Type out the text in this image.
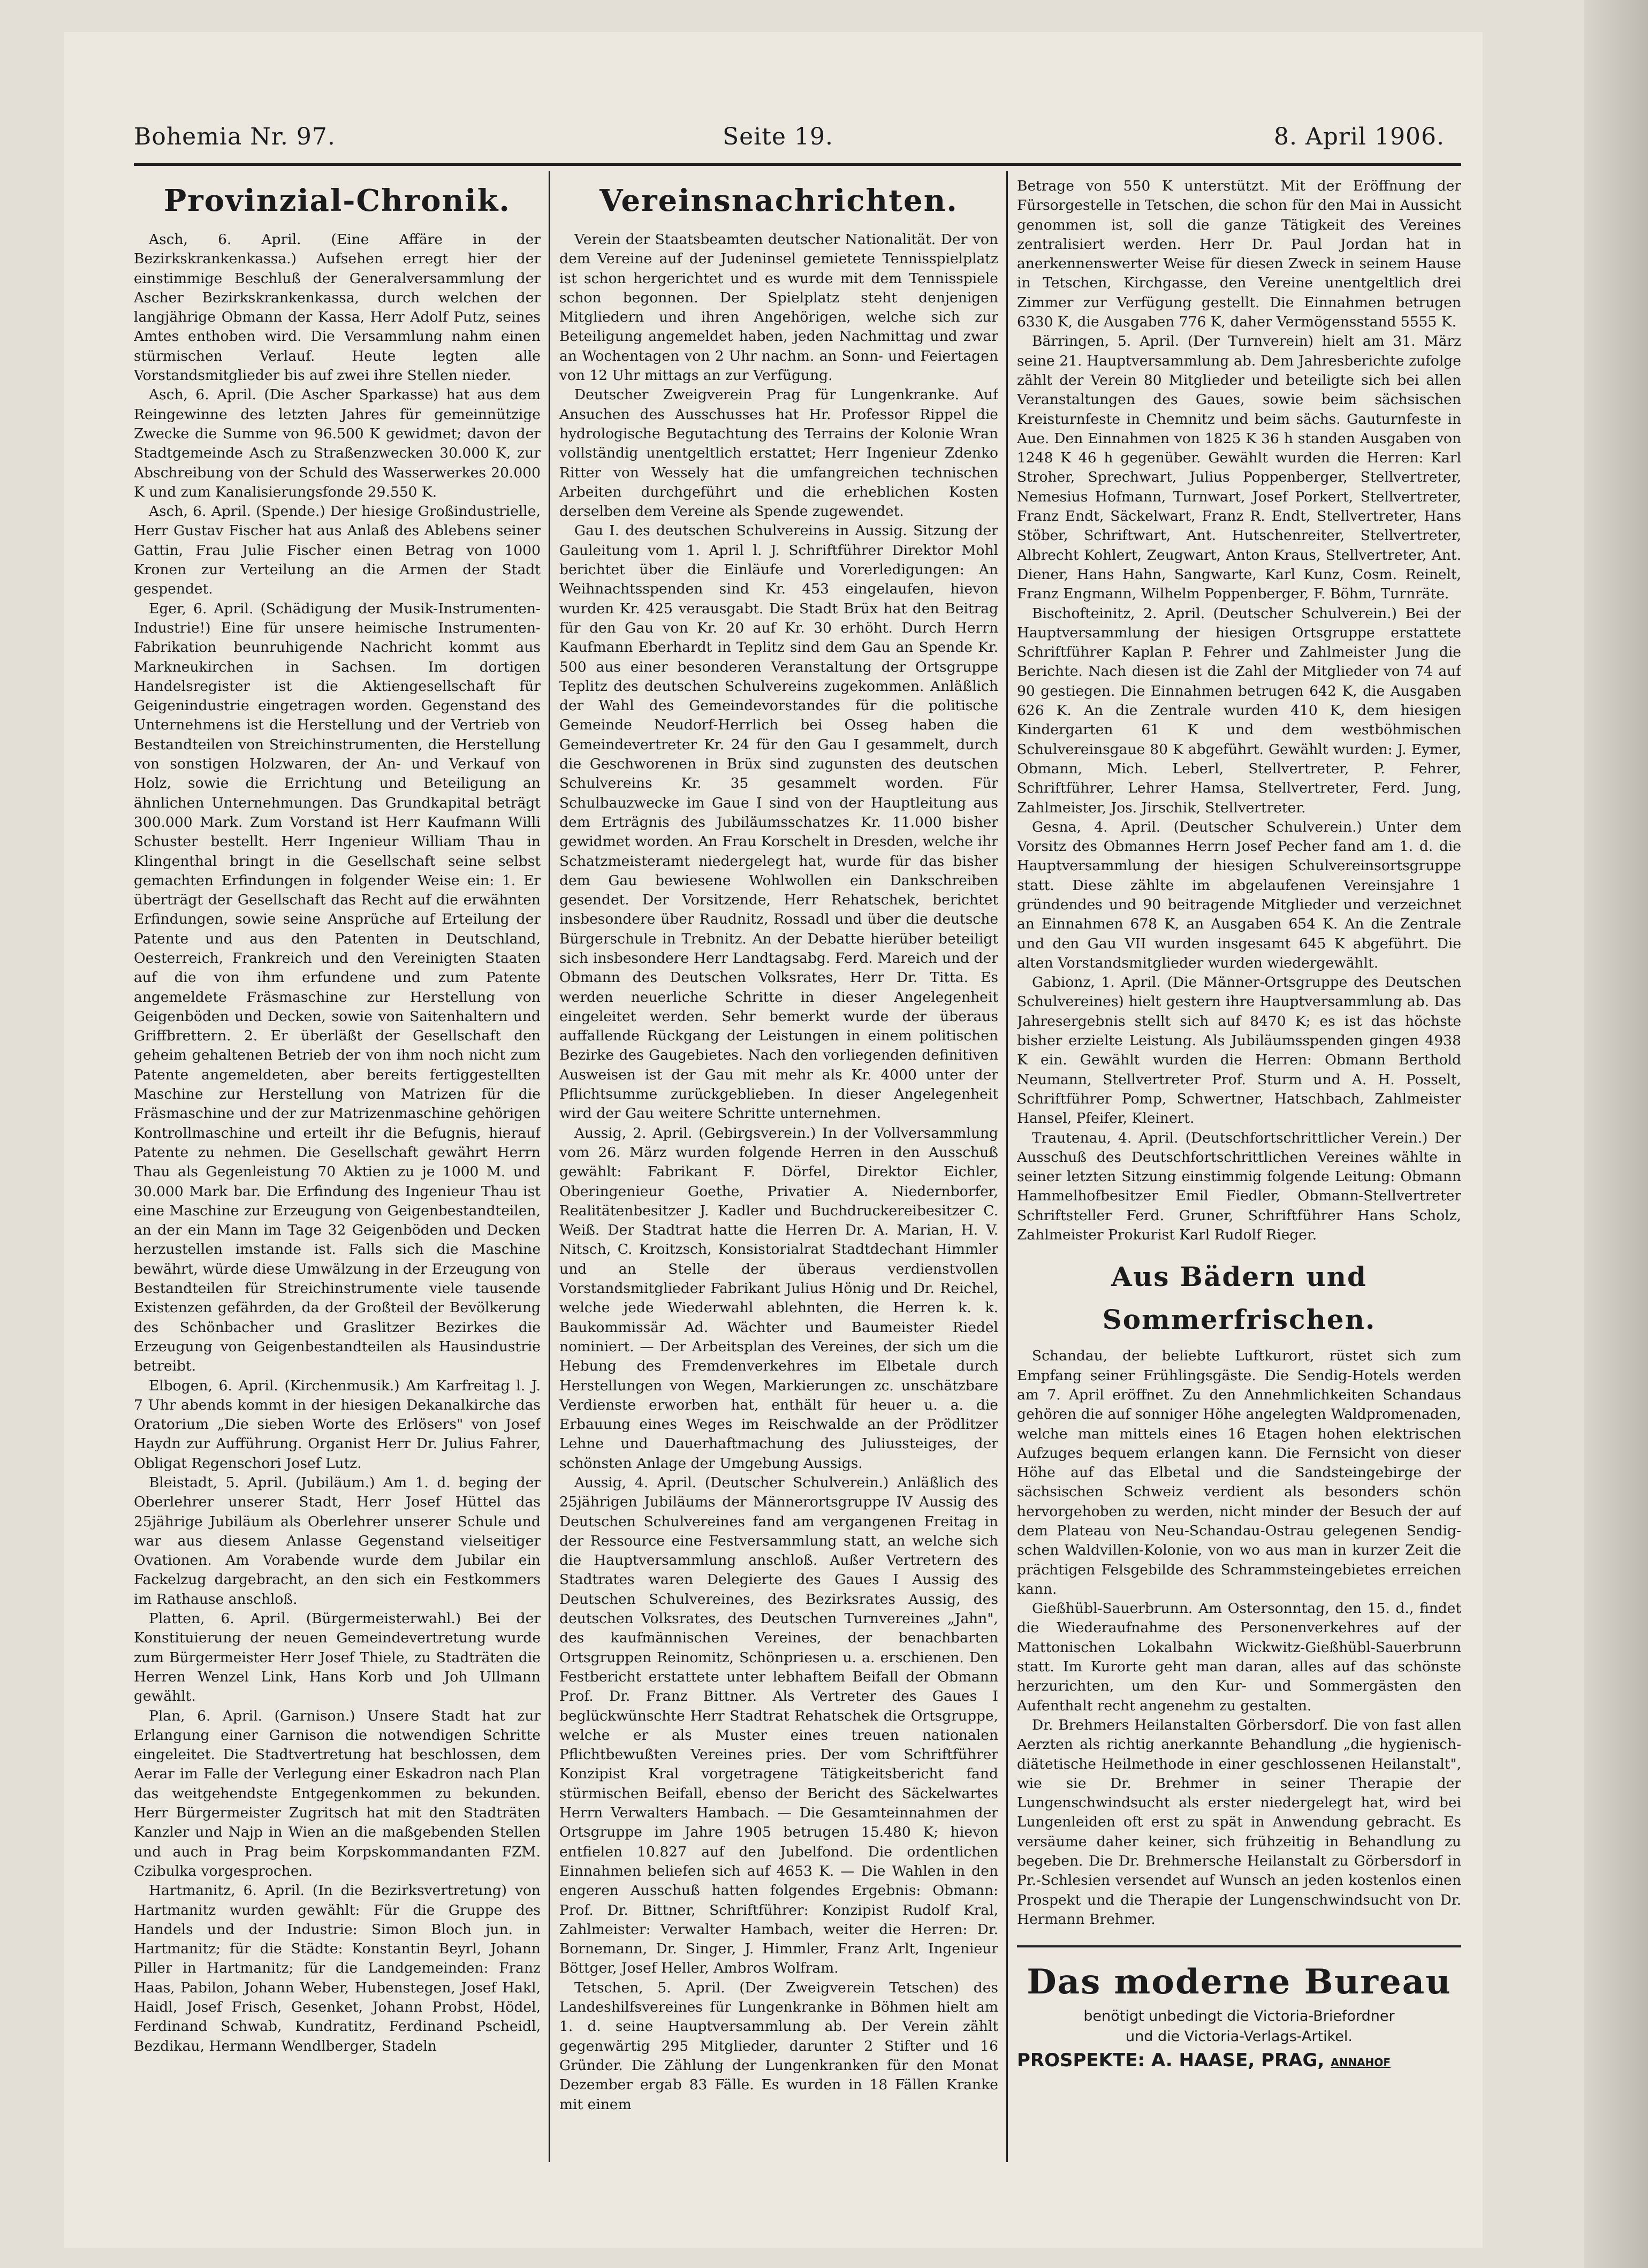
Bohemia Nr. 97.	Seite 19.	8. April 1906.
Provinzial-Chronik.

Asch, 6. April. (Eine Affäre in der Bezirkskrankenkassa.) Aufsehen erregt hier der einstimmige Beschluß der Generalversammlung der Ascher Bezirkskrankenkassa, durch welchen der langjährige Obmann der Kassa, Herr Adolf Putz, seines Amtes enthoben wird. Die Versammlung nahm einen stürmischen Verlauf. Heute legten alle Vorstandsmitglieder bis auf zwei ihre Stellen nieder.

Asch, 6. April. (Die Ascher Sparkasse) hat aus dem Reingewinne des letzten Jahres für gemeinnützige Zwecke die Summe von 96.500 K gewidmet; davon der Stadtgemeinde Asch zu Straßenzwecken 30.000 K, zur Abschreibung von der Schuld des Wasserwerkes 20.000 K und zum Kanalisierungsfonde 29.550 K.

Asch, 6. April. (Spende.) Der hiesige Großindustrielle, Herr Gustav Fischer hat aus Anlaß des Ablebens seiner Gattin, Frau Julie Fischer einen Betrag von 1000 Kronen zur Verteilung an die Armen der Stadt gespendet.

Eger, 6. April. (Schädigung der Musik-Instrumenten-Industrie!) Eine für unsere heimische Instrumenten-Fabrikation beunruhigende Nachricht kommt aus Markneukirchen in Sachsen. Im dortigen Handelsregister ist die Aktiengesellschaft für Geigenindustrie eingetragen worden. Gegenstand des Unternehmens ist die Herstellung und der Vertrieb von Bestandteilen von Streichinstrumenten, die Herstellung von sonstigen Holzwaren, der An- und Verkauf von Holz, sowie die Errichtung und Beteiligung an ähnlichen Unternehmungen. Das Grundkapital beträgt 300.000 Mark. Zum Vorstand ist Herr Kaufmann Willi Schuster bestellt. Herr Ingenieur William Thau in Klingenthal bringt in die Gesellschaft seine selbst gemachten Erfindungen in folgender Weise ein: 1. Er überträgt der Gesellschaft das Recht auf die erwähnten Erfindungen, sowie seine Ansprüche auf Erteilung der Patente und aus den Patenten in Deutschland, Oesterreich, Frankreich und den Vereinigten Staaten auf die von ihm erfundene und zum Patente angemeldete Fräsmaschine zur Herstellung von Geigenböden und Decken, sowie von Saitenhaltern und Griffbrettern. 2. Er überläßt der Gesellschaft den geheim gehaltenen Betrieb der von ihm noch nicht zum Patente angemeldeten, aber bereits fertiggestellten Maschine zur Herstellung von Matrizen für die Fräsmaschine und der zur Matrizenmaschine gehörigen Kontrollmaschine und erteilt ihr die Befugnis, hierauf Patente zu nehmen. Die Gesellschaft gewährt Herrn Thau als Gegenleistung 70 Aktien zu je 1000 M. und 30.000 Mark bar. Die Erfindung des Ingenieur Thau ist eine Maschine zur Erzeugung von Geigenbestandteilen, an der ein Mann im Tage 32 Geigenböden und Decken herzustellen imstande ist. Falls sich die Maschine bewährt, würde diese Umwälzung in der Erzeugung von Bestandteilen für Streichinstrumente viele tausende Existenzen gefährden, da der Großteil der Bevölkerung des Schönbacher und Graslitzer Bezirkes die Erzeugung von Geigenbestandteilen als Hausindustrie betreibt.

Elbogen, 6. April. (Kirchenmusik.) Am Karfreitag l. J. 7 Uhr abends kommt in der hiesigen Dekanalkirche das Oratorium „Die sieben Worte des Erlösers" von Josef Haydn zur Aufführung. Organist Herr Dr. Julius Fahrer, Obligat Regenschori Josef Lutz.

Bleistadt, 5. April. (Jubiläum.) Am 1. d. beging der Oberlehrer unserer Stadt, Herr Josef Hüttel das 25jährige Jubiläum als Oberlehrer unserer Schule und war aus diesem Anlasse Gegenstand vielseitiger Ovationen. Am Vorabende wurde dem Jubilar ein Fackelzug dargebracht, an den sich ein Festkommers im Rathause anschloß.

Platten, 6. April. (Bürgermeisterwahl.) Bei der Konstituierung der neuen Gemeindevertretung wurde zum Bürgermeister Herr Josef Thiele, zu Stadträten die Herren Wenzel Link, Hans Korb und Joh Ullmann gewählt.

Plan, 6. April. (Garnison.) Unsere Stadt hat zur Erlangung einer Garnison die notwendigen Schritte eingeleitet. Die Stadtvertretung hat beschlossen, dem Aerar im Falle der Verlegung einer Eskadron nach Plan das weitgehendste Entgegenkommen zu bekunden. Herr Bürgermeister Zugritsch hat mit den Stadträten Kanzler und Najp in Wien an die maßgebenden Stellen und auch in Prag beim Korpskommandanten FZM. Czibulka vorgesprochen.

Hartmanitz, 6. April. (In die Bezirksvertretung) von Hartmanitz wurden gewählt: Für die Gruppe des Handels und der Industrie: Simon Bloch jun. in Hartmanitz; für die Städte: Konstantin Beyrl, Johann Piller in Hartmanitz; für die Landgemeinden: Franz Haas, Pabilon, Johann Weber, Hubenstegen, Josef Hakl, Haidl, Josef Frisch, Gesenket, Johann Probst, Hödel, Ferdinand Schwab, Kundratitz, Ferdinand Pscheidl, Bezdikau, Hermann Wendlberger, Stadeln

Vereinsnachrichten.

Verein der Staatsbeamten deutscher Nationalität. Der von dem Vereine auf der Judeninsel gemietete Tennisspielplatz ist schon hergerichtet und es wurde mit dem Tennisspiele schon begonnen. Der Spielplatz steht denjenigen Mitgliedern und ihren Angehörigen, welche sich zur Beteiligung angemeldet haben, jeden Nachmittag und zwar an Wochentagen von 2 Uhr nachm. an Sonn- und Feiertagen von 12 Uhr mittags an zur Verfügung.

Deutscher Zweigverein Prag für Lungenkranke. Auf Ansuchen des Ausschusses hat Hr. Professor Rippel die hydrologische Begutachtung des Terrains der Kolonie Wran vollständig unentgeltlich erstattet; Herr Ingenieur Zdenko Ritter von Wessely hat die umfangreichen technischen Arbeiten durchgeführt und die erheblichen Kosten derselben dem Vereine als Spende zugewendet.

Gau I. des deutschen Schulvereins in Aussig. Sitzung der Gauleitung vom 1. April l. J. Schriftführer Direktor Mohl berichtet über die Einläufe und Vorerledigungen: An Weihnachtsspenden sind Kr. 453 eingelaufen, hievon wurden Kr. 425 verausgabt. Die Stadt Brüx hat den Beitrag für den Gau von Kr. 20 auf Kr. 30 erhöht. Durch Herrn Kaufmann Eberhardt in Teplitz sind dem Gau an Spende Kr. 500 aus einer besonderen Veranstaltung der Ortsgruppe Teplitz des deutschen Schulvereins zugekommen. Anläßlich der Wahl des Gemeindevorstandes für die politische Gemeinde Neudorf-Herrlich bei Osseg haben die Gemeindevertreter Kr. 24 für den Gau I gesammelt, durch die Geschworenen in Brüx sind zugunsten des deutschen Schulvereins Kr. 35 gesammelt worden. Für Schulbauzwecke im Gaue I sind von der Hauptleitung aus dem Erträgnis des Jubiläumsschatzes Kr. 11.000 bisher gewidmet worden. An Frau Korschelt in Dresden, welche ihr Schatzmeisteramt niedergelegt hat, wurde für das bisher dem Gau bewiesene Wohlwollen ein Dankschreiben gesendet. Der Vorsitzende, Herr Rehatschek, berichtet insbesondere über Raudnitz, Rossadl und über die deutsche Bürgerschule in Trebnitz. An der Debatte hierüber beteiligt sich insbesondere Herr Landtagsabg. Ferd. Mareich und der Obmann des Deutschen Volksrates, Herr Dr. Titta. Es werden neuerliche Schritte in dieser Angelegenheit eingeleitet werden. Sehr bemerkt wurde der überaus auffallende Rückgang der Leistungen in einem politischen Bezirke des Gaugebietes. Nach den vorliegenden definitiven Ausweisen ist der Gau mit mehr als Kr. 4000 unter der Pflichtsumme zurückgeblieben. In dieser Angelegenheit wird der Gau weitere Schritte unternehmen.

Aussig, 2. April. (Gebirgsverein.) In der Vollversammlung vom 26. März wurden folgende Herren in den Ausschuß gewählt: Fabrikant F. Dörfel, Direktor Eichler, Oberingenieur Goethe, Privatier A. Niedernborfer, Realitätenbesitzer J. Kadler und Buchdruckereibesitzer C. Weiß. Der Stadtrat hatte die Herren Dr. A. Marian, H. V. Nitsch, C. Kroitzsch, Konsistorialrat Stadtdechant Himmler und an Stelle der überaus verdienstvollen Vorstandsmitglieder Fabrikant Julius Hönig und Dr. Reichel, welche jede Wiederwahl ablehnten, die Herren k. k. Baukommissär Ad. Wächter und Baumeister Riedel nominiert. — Der Arbeitsplan des Vereines, der sich um die Hebung des Fremdenverkehres im Elbetale durch Herstellungen von Wegen, Markierungen zc. unschätzbare Verdienste erworben hat, enthält für heuer u. a. die Erbauung eines Weges im Reischwalde an der Prödlitzer Lehne und Dauerhaftmachung des Juliussteiges, der schönsten Anlage der Umgebung Aussigs.

Aussig, 4. April. (Deutscher Schulverein.) Anläßlich des 25jährigen Jubiläums der Männerortsgruppe IV Aussig des Deutschen Schulvereines fand am vergangenen Freitag in der Ressource eine Festversammlung statt, an welche sich die Hauptversammlung anschloß. Außer Vertretern des Stadtrates waren Delegierte des Gaues I Aussig des Deutschen Schulvereines, des Bezirksrates Aussig, des deutschen Volksrates, des Deutschen Turnvereines „Jahn", des kaufmännischen Vereines, der benachbarten Ortsgruppen Reinomitz, Schönpriesen u. a. erschienen. Den Festbericht erstattete unter lebhaftem Beifall der Obmann Prof. Dr. Franz Bittner. Als Vertreter des Gaues I beglückwünschte Herr Stadtrat Rehatschek die Ortsgruppe, welche er als Muster eines treuen nationalen Pflichtbewußten Vereines pries. Der vom Schriftführer Konzipist Kral vorgetragene Tätigkeitsbericht fand stürmischen Beifall, ebenso der Bericht des Säckelwartes Herrn Verwalters Hambach. — Die Gesamteinnahmen der Ortsgruppe im Jahre 1905 betrugen 15.480 K; hievon entfielen 10.827 auf den Jubelfond. Die ordentlichen Einnahmen beliefen sich auf 4653 K. — Die Wahlen in den engeren Ausschuß hatten folgendes Ergebnis: Obmann: Prof. Dr. Bittner, Schriftführer: Konzipist Rudolf Kral, Zahlmeister: Verwalter Hambach, weiter die Herren: Dr. Bornemann, Dr. Singer, J. Himmler, Franz Arlt, Ingenieur Böttger, Josef Heller, Ambros Wolfram.

Tetschen, 5. April. (Der Zweigverein Tetschen) des Landeshilfsvereines für Lungenkranke in Böhmen hielt am 1. d. seine Hauptversammlung ab. Der Verein zählt gegenwärtig 295 Mitglieder, darunter 2 Stifter und 16 Gründer. Die Zählung der Lungenkranken für den Monat Dezember ergab 83 Fälle. Es wurden in 18 Fällen Kranke mit einem

Betrage von 550 K unterstützt. Mit der Eröffnung der Fürsorgestelle in Tetschen, die schon für den Mai in Aussicht genommen ist, soll die ganze Tätigkeit des Vereines zentralisiert werden. Herr Dr. Paul Jordan hat in anerkennenswerter Weise für diesen Zweck in seinem Hause in Tetschen, Kirchgasse, den Vereine unentgeltlich drei Zimmer zur Verfügung gestellt. Die Einnahmen betrugen 6330 K, die Ausgaben 776 K, daher Vermögensstand 5555 K.

Bärringen, 5. April. (Der Turnverein) hielt am 31. März seine 21. Hauptversammlung ab. Dem Jahresberichte zufolge zählt der Verein 80 Mitglieder und beteiligte sich bei allen Veranstaltungen des Gaues, sowie beim sächsischen Kreisturnfeste in Chemnitz und beim sächs. Gauturnfeste in Aue. Den Einnahmen von 1825 K 36 h standen Ausgaben von 1248 K 46 h gegenüber. Gewählt wurden die Herren: Karl Stroher, Sprechwart, Julius Poppenberger, Stellvertreter, Nemesius Hofmann, Turnwart, Josef Porkert, Stellvertreter, Franz Endt, Säckelwart, Franz R. Endt, Stellvertreter, Hans Stöber, Schriftwart, Ant. Hutschenreiter, Stellvertreter, Albrecht Kohlert, Zeugwart, Anton Kraus, Stellvertreter, Ant. Diener, Hans Hahn, Sangwarte, Karl Kunz, Cosm. Reinelt, Franz Engmann, Wilhelm Poppenberger, F. Böhm, Turnräte.

Bischofteinitz, 2. April. (Deutscher Schulverein.) Bei der Hauptversammlung der hiesigen Ortsgruppe erstattete Schriftführer Kaplan P. Fehrer und Zahlmeister Jung die Berichte. Nach diesen ist die Zahl der Mitglieder von 74 auf 90 gestiegen. Die Einnahmen betrugen 642 K, die Ausgaben 626 K. An die Zentrale wurden 410 K, dem hiesigen Kindergarten 61 K und dem westböhmischen Schulvereinsgaue 80 K abgeführt. Gewählt wurden: J. Eymer, Obmann, Mich. Leberl, Stellvertreter, P. Fehrer, Schriftführer, Lehrer Hamsa, Stellvertreter, Ferd. Jung, Zahlmeister, Jos. Jirschik, Stellvertreter.

Gesna, 4. April. (Deutscher Schulverein.) Unter dem Vorsitz des Obmannes Herrn Josef Pecher fand am 1. d. die Hauptversammlung der hiesigen Schulvereinsortsgruppe statt. Diese zählte im abgelaufenen Vereinsjahre 1 gründendes und 90 beitragende Mitglieder und verzeichnet an Einnahmen 678 K, an Ausgaben 654 K. An die Zentrale und den Gau VII wurden insgesamt 645 K abgeführt. Die alten Vorstandsmitglieder wurden wiedergewählt.

Gabionz, 1. April. (Die Männer-Ortsgruppe des Deutschen Schulvereines) hielt gestern ihre Hauptversammlung ab. Das Jahresergebnis stellt sich auf 8470 K; es ist das höchste bisher erzielte Leistung. Als Jubiläumsspenden gingen 4938 K ein. Gewählt wurden die Herren: Obmann Berthold Neumann, Stellvertreter Prof. Sturm und A. H. Posselt, Schriftführer Pomp, Schwertner, Hatschbach, Zahlmeister Hansel, Pfeifer, Kleinert.

Trautenau, 4. April. (Deutschfortschrittlicher Verein.) Der Ausschuß des Deutschfortschrittlichen Vereines wählte in seiner letzten Sitzung einstimmig folgende Leitung: Obmann Hammelhofbesitzer Emil Fiedler, Obmann-Stellvertreter Schriftsteller Ferd. Gruner, Schriftführer Hans Scholz, Zahlmeister Prokurist Karl Rudolf Rieger.

Aus Bädern und Sommerfrischen.

Schandau, der beliebte Luftkurort, rüstet sich zum Empfang seiner Frühlingsgäste. Die Sendig-Hotels werden am 7. April eröffnet. Zu den Annehmlichkeiten Schandaus gehören die auf sonniger Höhe angelegten Waldpromenaden, welche man mittels eines 16 Etagen hohen elektrischen Aufzuges bequem erlangen kann. Die Fernsicht von dieser Höhe auf das Elbetal und die Sandsteingebirge der sächsischen Schweiz verdient als besonders schön hervorgehoben zu werden, nicht minder der Besuch der auf dem Plateau von Neu-Schandau-Ostrau gelegenen Sendig-schen Waldvillen-Kolonie, von wo aus man in kurzer Zeit die prächtigen Felsgebilde des Schrammsteingebietes erreichen kann.

Gießhübl-Sauerbrunn. Am Ostersonntag, den 15. d., findet die Wiederaufnahme des Personenverkehres auf der Mattonischen Lokalbahn Wickwitz-Gießhübl-Sauerbrunn statt. Im Kurorte geht man daran, alles auf das schönste herzurichten, um den Kur- und Sommergästen den Aufenthalt recht angenehm zu gestalten.

Dr. Brehmers Heilanstalten Görbersdorf. Die von fast allen Aerzten als richtig anerkannte Behandlung „die hygienisch-diätetische Heilmethode in einer geschlossenen Heilanstalt", wie sie Dr. Brehmer in seiner Therapie der Lungenschwindsucht als erster niedergelegt hat, wird bei Lungenleiden oft erst zu spät in Anwendung gebracht. Es versäume daher keiner, sich frühzeitig in Behandlung zu begeben. Die Dr. Brehmersche Heilanstalt zu Görbersdorf in Pr.-Schlesien versendet auf Wunsch an jeden kostenlos einen Prospekt und die Therapie der Lungenschwindsucht von Dr. Hermann Brehmer.

Das moderne Bureau
benötigt unbedingt die Victoria-Briefordner
und die Victoria-Verlags-Artikel.
PROSPEKTE: A. HAASE, PRAG, ANNAHOF
